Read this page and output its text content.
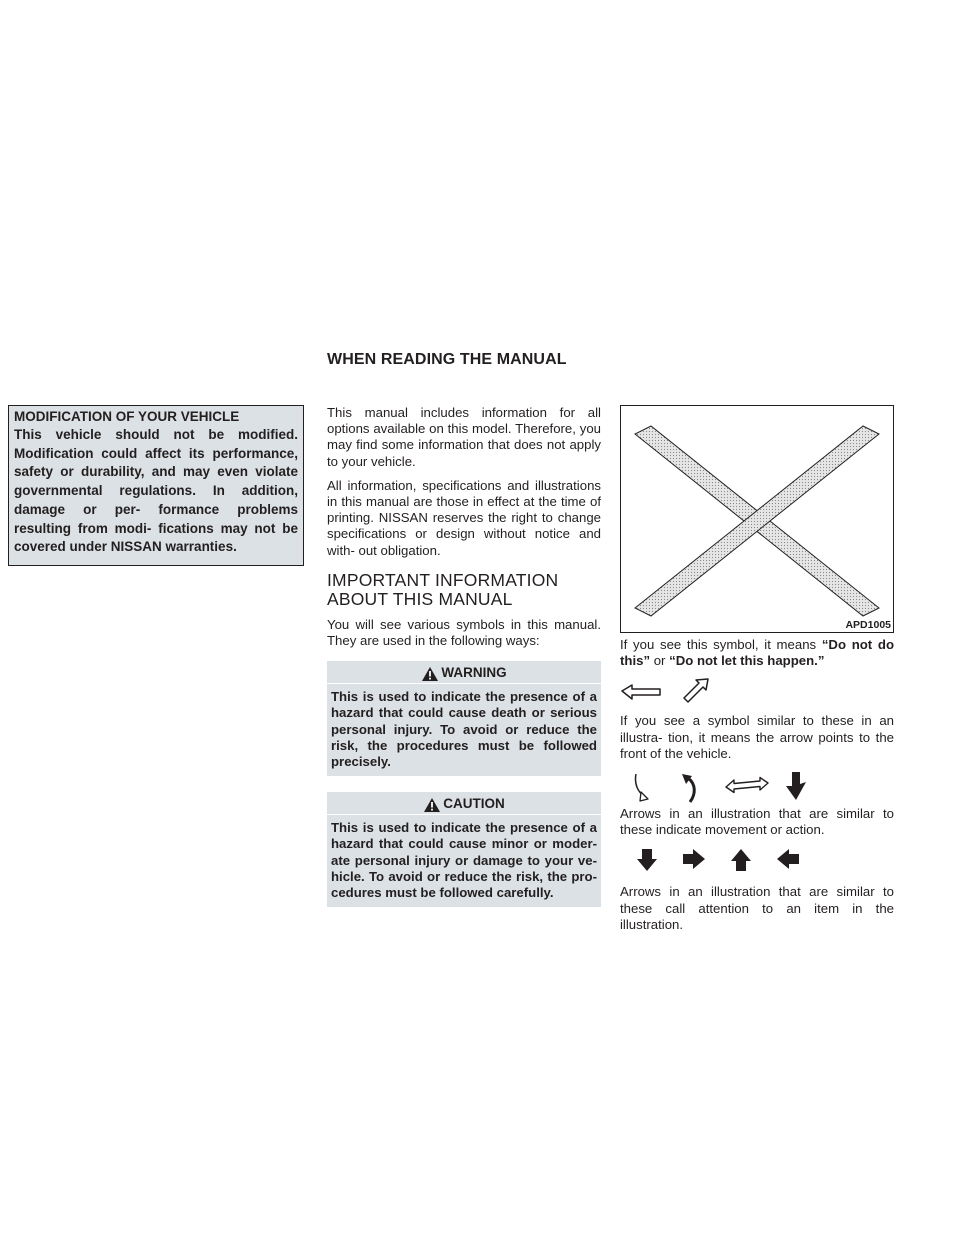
WHEN READING THE MANUAL
MODIFICATION OF YOUR VEHICLE

This vehicle should not be modified. Modification could affect its performance, safety or durability, and may even violate governmental regulations. In addition, damage or per- formance problems resulting from modi- fications may not be covered under NISSAN warranties.

This manual includes information for all options available on this model. Therefore, you may find some information that does not apply to your vehicle.

All information, specifications and illustrations in this manual are those in effect at the time of printing. NISSAN reserves the right to change specifications or design without notice and with- out obligation.

IMPORTANT INFORMATION ABOUT THIS MANUAL

You will see various symbols in this manual. They are used in the following ways:

WARNING

This is used to indicate the presence of a hazard that could cause death or serious personal injury. To avoid or reduce the risk, the procedures must be followed precisely.

CAUTION

This is used to indicate the presence of a hazard that could cause minor or moder- ate personal injury or damage to your ve- hicle. To avoid or reduce the risk, the pro- cedures must be followed carefully.

APD1005

If you see this symbol, it means “Do not do this” or “Do not let this happen.”

If you see a symbol similar to these in an illustra- tion, it means the arrow points to the front of the vehicle.

Arrows in an illustration that are similar to these indicate movement or action.

Arrows in an illustration that are similar to these call attention to an item in the illustration.
